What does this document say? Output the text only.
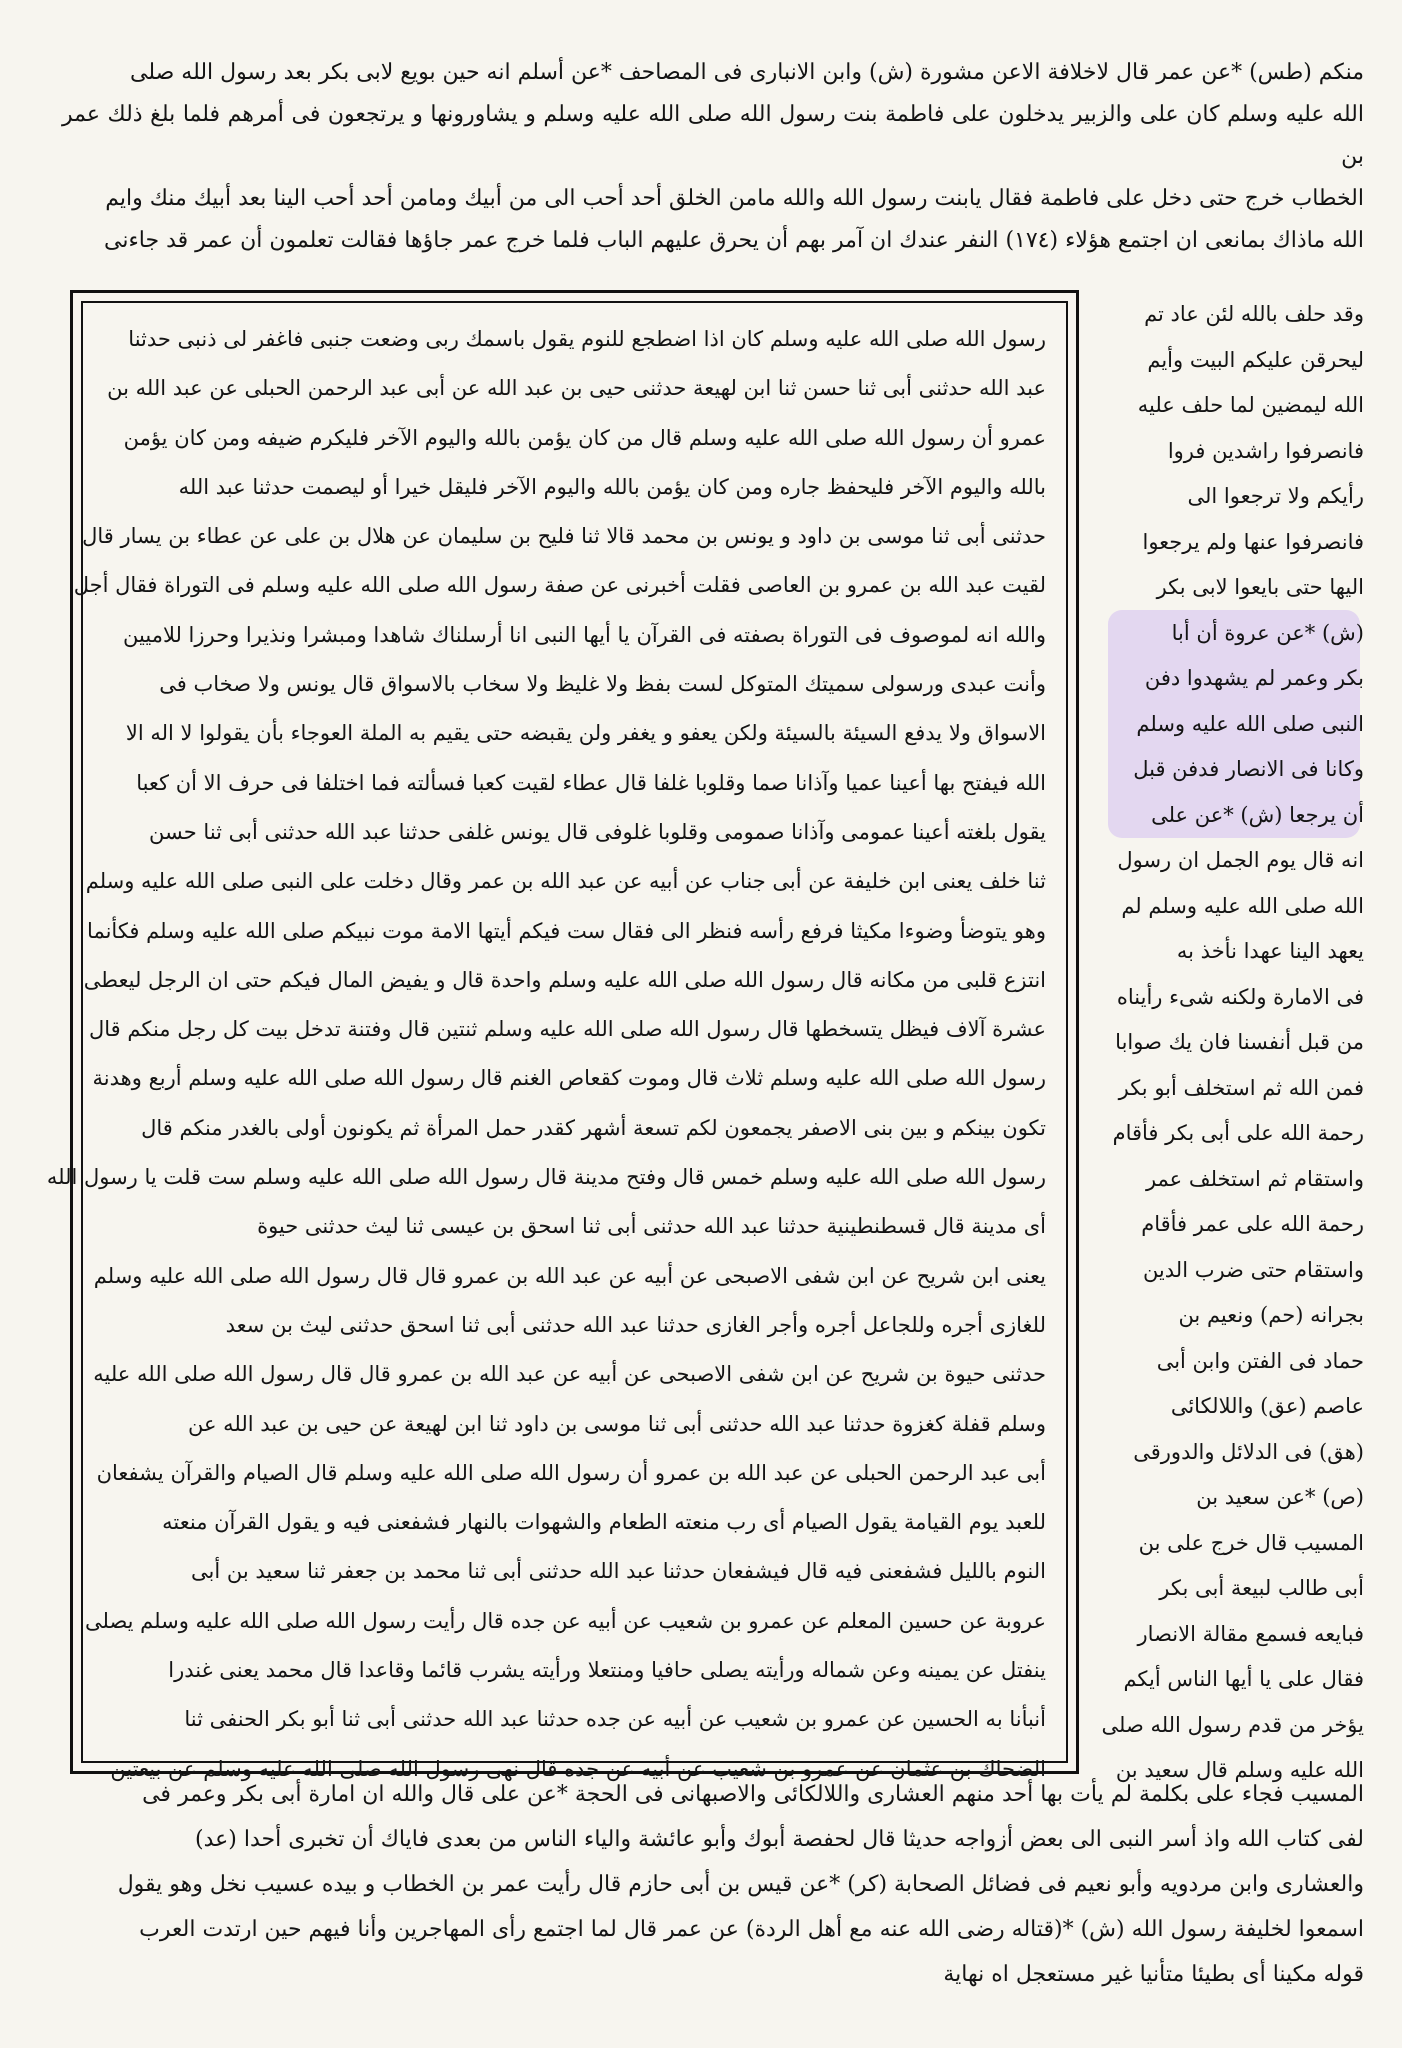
منكم (طس) *عن عمر قال لاخلافة الاعن مشورة (ش) وابن الانبارى فى المصاحف *عن أسلم انه حين بويع لابى بكر بعد رسول الله صلى

الله عليه وسلم كان على والزبير يدخلون على فاطمة بنت رسول الله صلى الله عليه وسلم و يشاورونها و يرتجعون فى أمرهم فلما بلغ ذلك عمر بن

الخطاب خرج حتى دخل على فاطمة فقال يابنت رسول الله والله مامن الخلق أحد أحب الى من أبيك ومامن أحد أحب الينا بعد أبيك منك وايم

الله ماذاك بمانعى ان اجتمع هؤلاء (١٧٤) النفر عندك ان آمر بهم أن يحرق عليهم الباب فلما خرج عمر جاؤها فقالت تعلمون أن عمر قد جاءنى

رسول الله صلى الله عليه وسلم كان اذا اضطجع للنوم يقول باسمك ربى وضعت جنبى فاغفر لى ذنبى حدثنا

عبد الله حدثنى أبى ثنا حسن ثنا ابن لهيعة حدثنى حيى بن عبد الله عن أبى عبد الرحمن الحبلى عن عبد الله بن

عمرو أن رسول الله صلى الله عليه وسلم قال من كان يؤمن بالله واليوم الآخر فليكرم ضيفه ومن كان يؤمن

بالله واليوم الآخر فليحفظ جاره ومن كان يؤمن بالله واليوم الآخر فليقل خيرا أو ليصمت حدثنا عبد الله

حدثنى أبى ثنا موسى بن داود و يونس بن محمد قالا ثنا فليح بن سليمان عن هلال بن على عن عطاء بن يسار قال

لقيت عبد الله بن عمرو بن العاصى فقلت أخبرنى عن صفة رسول الله صلى الله عليه وسلم فى التوراة فقال أجل

والله انه لموصوف فى التوراة بصفته فى القرآن يا أيها النبى انا أرسلناك شاهدا ومبشرا ونذيرا وحرزا للاميين

وأنت عبدى ورسولى سميتك المتوكل لست بفظ ولا غليظ ولا سخاب بالاسواق قال يونس ولا صخاب فى

الاسواق ولا يدفع السيئة بالسيئة ولكن يعفو و يغفر ولن يقبضه حتى يقيم به الملة العوجاء بأن يقولوا لا اله الا

الله فيفتح بها أعينا عميا وآذانا صما وقلوبا غلفا قال عطاء لقيت كعبا فسألته فما اختلفا فى حرف الا أن كعبا

يقول بلغته أعينا عمومى وآذانا صمومى وقلوبا غلوفى قال يونس غلفى حدثنا عبد الله حدثنى أبى ثنا حسن

ثنا خلف يعنى ابن خليفة عن أبى جناب عن أبيه عن عبد الله بن عمر وقال دخلت على النبى صلى الله عليه وسلم

وهو يتوضأ وضوءا مكيثا فرفع رأسه فنظر الى فقال ست فيكم أيتها الامة موت نبيكم صلى الله عليه وسلم فكأنما

انتزع قلبى من مكانه قال رسول الله صلى الله عليه وسلم واحدة قال و يفيض المال فيكم حتى ان الرجل ليعطى

عشرة آلاف فيظل يتسخطها قال رسول الله صلى الله عليه وسلم ثنتين قال وفتنة تدخل بيت كل رجل منكم قال

رسول الله صلى الله عليه وسلم ثلاث قال وموت كقعاص الغنم قال رسول الله صلى الله عليه وسلم أربع وهدنة

تكون بينكم و بين بنى الاصفر يجمعون لكم تسعة أشهر كقدر حمل المرأة ثم يكونون أولى بالغدر منكم قال

رسول الله صلى الله عليه وسلم خمس قال وفتح مدينة قال رسول الله صلى الله عليه وسلم ست قلت يا رسول الله

أى مدينة قال قسطنطينية حدثنا عبد الله حدثنى أبى ثنا اسحق بن عيسى ثنا ليث حدثنى حيوة

يعنى ابن شريح عن ابن شفى الاصبحى عن أبيه عن عبد الله بن عمرو قال قال رسول الله صلى الله عليه وسلم

للغازى أجره وللجاعل أجره وأجر الغازى حدثنا عبد الله حدثنى أبى ثنا اسحق حدثنى ليث بن سعد

حدثنى حيوة بن شريح عن ابن شفى الاصبحى عن أبيه عن عبد الله بن عمرو قال قال رسول الله صلى الله عليه

وسلم قفلة كغزوة حدثنا عبد الله حدثنى أبى ثنا موسى بن داود ثنا ابن لهيعة عن حيى بن عبد الله عن

أبى عبد الرحمن الحبلى عن عبد الله بن عمرو أن رسول الله صلى الله عليه وسلم قال الصيام والقرآن يشفعان

للعبد يوم القيامة يقول الصيام أى رب منعته الطعام والشهوات بالنهار فشفعنى فيه و يقول القرآن منعته

النوم بالليل فشفعنى فيه قال فيشفعان حدثنا عبد الله حدثنى أبى ثنا محمد بن جعفر ثنا سعيد بن أبى

عروبة عن حسين المعلم عن عمرو بن شعيب عن أبيه عن جده قال رأيت رسول الله صلى الله عليه وسلم يصلى

ينفتل عن يمينه وعن شماله ورأيته يصلى حافيا ومنتعلا ورأيته يشرب قائما وقاعدا قال محمد يعنى غندرا

أنبأنا به الحسين عن عمرو بن شعيب عن أبيه عن جده حدثنا عبد الله حدثنى أبى ثنا أبو بكر الحنفى ثنا

الضحاك بن عثمان عن عمرو بن شعيب عن أبيه عن جده قال نهى رسول الله صلى الله عليه وسلم عن بيعتين

وقد حلف بالله لئن عاد تم

ليحرقن عليكم البيت وأيم

الله ليمضين لما حلف عليه

فانصرفوا راشدين فروا

رأيكم ولا ترجعوا الى

فانصرفوا عنها ولم يرجعوا

اليها حتى بايعوا لابى بكر

(ش) *عن عروة أن أبا

بكر وعمر لم يشهدوا دفن

النبى صلى الله عليه وسلم

وكانا فى الانصار فدفن قبل

أن يرجعا (ش) *عن على

انه قال يوم الجمل ان رسول

الله صلى الله عليه وسلم لم

يعهد الينا عهدا نأخذ به

فى الامارة ولكنه شىء رأيناه

من قبل أنفسنا فان يك صوابا

فمن الله ثم استخلف أبو بكر

رحمة الله على أبى بكر فأقام

واستقام ثم استخلف عمر

رحمة الله على عمر فأقام

واستقام حتى ضرب الدين

بجرانه (حم) ونعيم بن

حماد فى الفتن وابن أبى

عاصم (عق) واللالكائى

(هق) فى الدلائل والدورقى

(ص) *عن سعيد بن

المسيب قال خرج على بن

أبى طالب لبيعة أبى بكر

فبايعه فسمع مقالة الانصار

فقال على يا أيها الناس أيكم

يؤخر من قدم رسول الله صلى

الله عليه وسلم قال سعيد بن

المسيب فجاء على بكلمة لم يأت بها أحد منهم العشارى واللالكائى والاصبهانى فى الحجة *عن على قال والله ان امارة أبى بكر وعمر فى

لفى كتاب الله واذ أسر النبى الى بعض أزواجه حديثا قال لحفصة أبوك وأبو عائشة والياء الناس من بعدى فاياك أن تخبرى أحدا (عد)

والعشارى وابن مردويه وأبو نعيم فى فضائل الصحابة (كر) *عن قيس بن أبى حازم قال رأيت عمر بن الخطاب و بيده عسيب نخل وهو يقول

اسمعوا لخليفة رسول الله (ش) *(قتاله رضى الله عنه مع أهل الردة) عن عمر قال لما اجتمع رأى المهاجرين وأنا فيهم حين ارتدت العرب

قوله مكينا أى بطيئا متأنيا غير مستعجل اه نهاية
